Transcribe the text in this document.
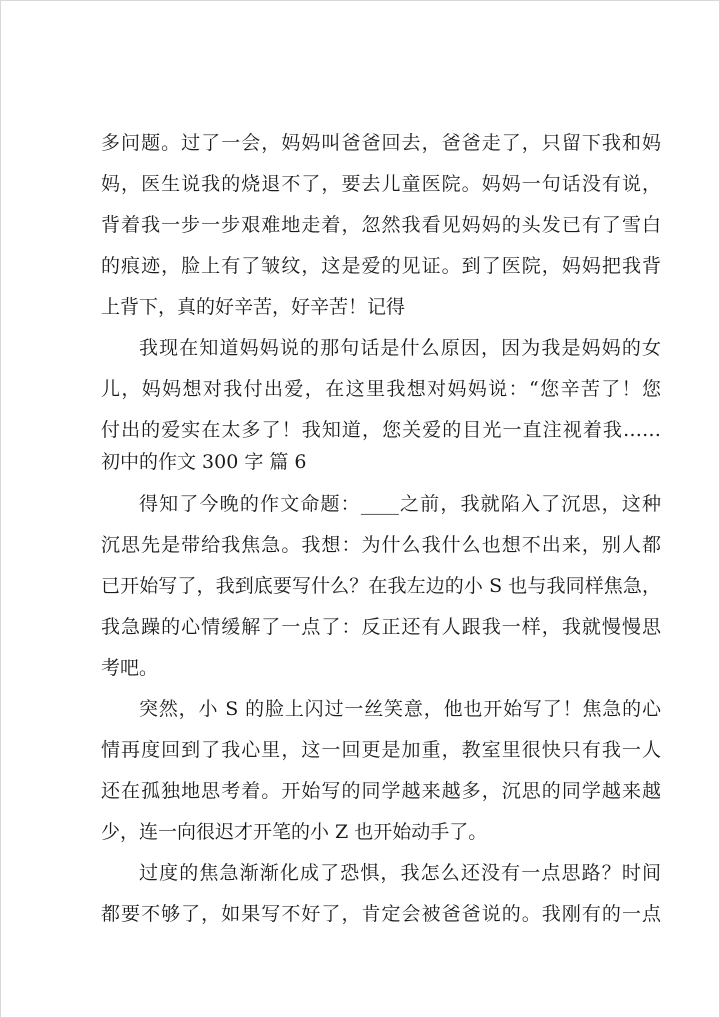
多问题。过了一会，妈妈叫爸爸回去，爸爸走了，只留下我和妈
妈，医生说我的烧退不了，要去儿童医院。妈妈一句话没有说，
背着我一步一步艰难地走着，忽然我看见妈妈的头发已有了雪白
的痕迹，脸上有了皱纹，这是爱的见证。到了医院，妈妈把我背
上背下，真的好辛苦，好辛苦！记得
我现在知道妈妈说的那句话是什么原因，因为我是妈妈的女
儿，妈妈想对我付出爱，在这里我想对妈妈说：“您辛苦了！您
付出的爱实在太多了！我知道，您关爱的目光一直注视着我……
初中的作文 300 字 篇 6
得知了今晚的作文命题：____之前，我就陷入了沉思，这种
沉思先是带给我焦急。我想：为什么我什么也想不出来，别人都
已开始写了，我到底要写什么？在我左边的小 S 也与我同样焦急，
我急躁的心情缓解了一点了：反正还有人跟我一样，我就慢慢思
考吧。
突然，小 S 的脸上闪过一丝笑意，他也开始写了！焦急的心
情再度回到了我心里，这一回更是加重，教室里很快只有我一人
还在孤独地思考着。开始写的同学越来越多，沉思的同学越来越
少，连一向很迟才开笔的小 Z 也开始动手了。
过度的焦急渐渐化成了恐惧，我怎么还没有一点思路？时间
都要不够了，如果写不好了，肯定会被爸爸说的。我刚有的一点
